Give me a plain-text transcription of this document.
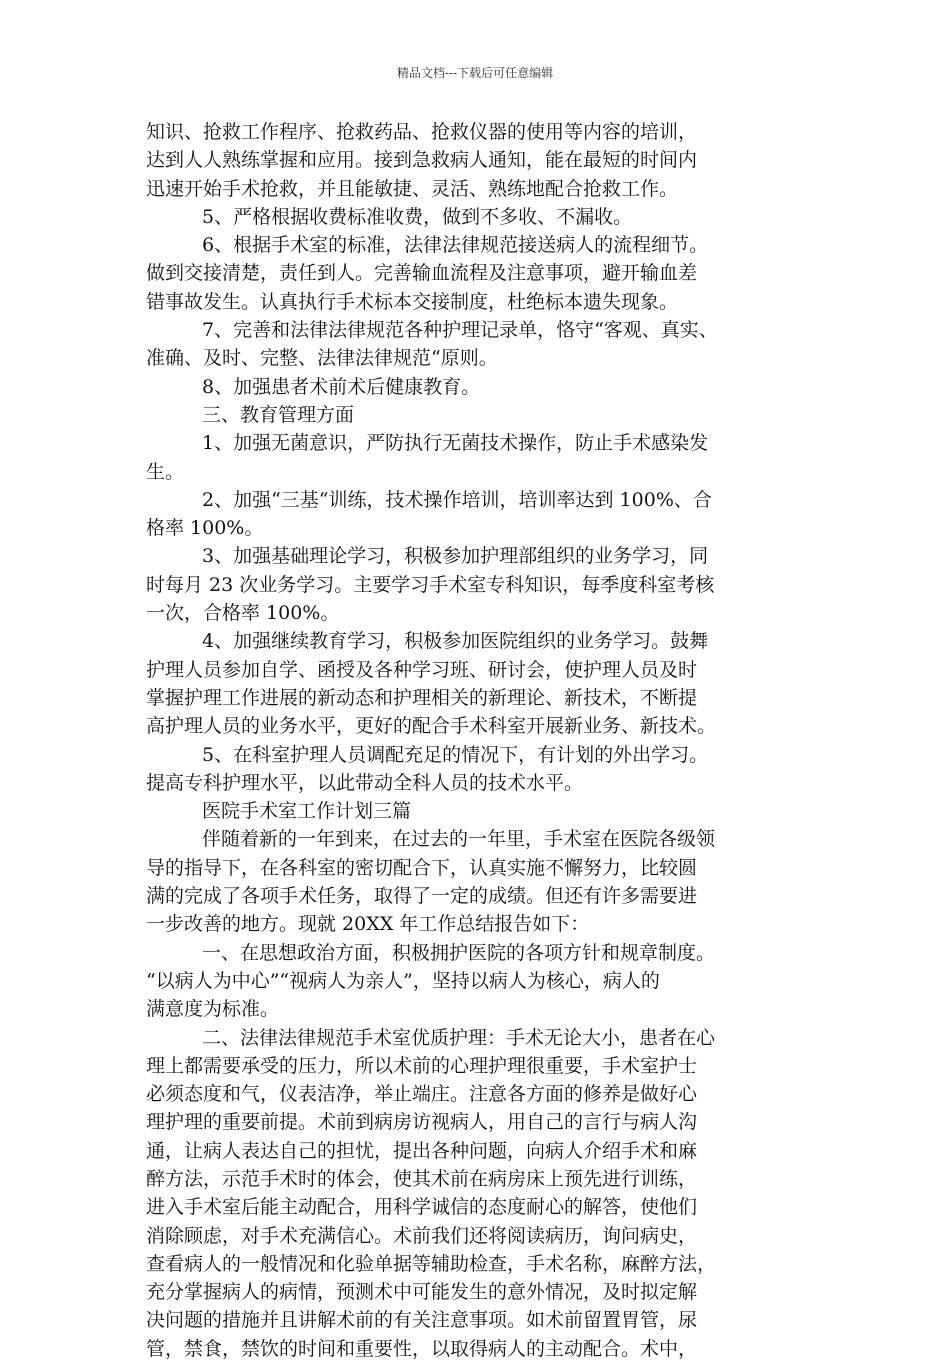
精品文档---下载后可任意编辑
知识、抢救工作程序、抢救药品、抢救仪器的使用等内容的培训，
达到人人熟练掌握和应用。接到急救病人通知，能在最短的时间内
迅速开始手术抢救，并且能敏捷、灵活、熟练地配合抢救工作。
5、严格根据收费标准收费，做到不多收、不漏收。
6、根据手术室的标准，法律法律规范接送病人的流程细节。
做到交接清楚，责任到人。完善输血流程及注意事项，避开输血差
错事故发生。认真执行手术标本交接制度，杜绝标本遗失现象。
7、完善和法律法律规范各种护理记录单，恪守“客观、真实、
准确、及时、完整、法律法律规范“原则。
8、加强患者术前术后健康教育。
三、教育管理方面
1、加强无菌意识，严防执行无菌技术操作，防止手术感染发
生。
2、加强“三基“训练，技术操作培训，培训率达到 100%、合
格率 100%。
3、加强基础理论学习，积极参加护理部组织的业务学习，同
时每月 23 次业务学习。主要学习手术室专科知识，每季度科室考核
一次，合格率 100%。
4、加强继续教育学习，积极参加医院组织的业务学习。鼓舞
护理人员参加自学、函授及各种学习班、研讨会，使护理人员及时
掌握护理工作进展的新动态和护理相关的新理论、新技术，不断提
高护理人员的业务水平，更好的配合手术科室开展新业务、新技术。
5、在科室护理人员调配充足的情况下，有计划的外出学习。
提高专科护理水平，以此带动全科人员的技术水平。
医院手术室工作计划三篇
伴随着新的一年到来，在过去的一年里，手术室在医院各级领
导的指导下，在各科室的密切配合下，认真实施不懈努力，比较圆
满的完成了各项手术任务，取得了一定的成绩。但还有许多需要进
一步改善的地方。现就 20XX 年工作总结报告如下：
一、在思想政治方面，积极拥护医院的各项方针和规章制度。
“以病人为中心”“视病人为亲人”，坚持以病人为核心，病人的
满意度为标准。
二、法律法律规范手术室优质护理：手术无论大小，患者在心
理上都需要承受的压力，所以术前的心理护理很重要，手术室护士
必须态度和气，仪表洁净，举止端庄。注意各方面的修养是做好心
理护理的重要前提。术前到病房访视病人，用自己的言行与病人沟
通，让病人表达自己的担忧，提出各种问题，向病人介绍手术和麻
醉方法，示范手术时的体会，使其术前在病房床上预先进行训练，
进入手术室后能主动配合，用科学诚信的态度耐心的解答，使他们
消除顾虑，对手术充满信心。术前我们还将阅读病历，询问病史，
查看病人的一般情况和化验单据等辅助检查，手术名称，麻醉方法，
充分掌握病人的病情，预测术中可能发生的意外情况，及时拟定解
决问题的措施并且讲解术前的有关注意事项。如术前留置胃管，尿
管，禁食，禁饮的时间和重要性，以取得病人的主动配合。术中，
